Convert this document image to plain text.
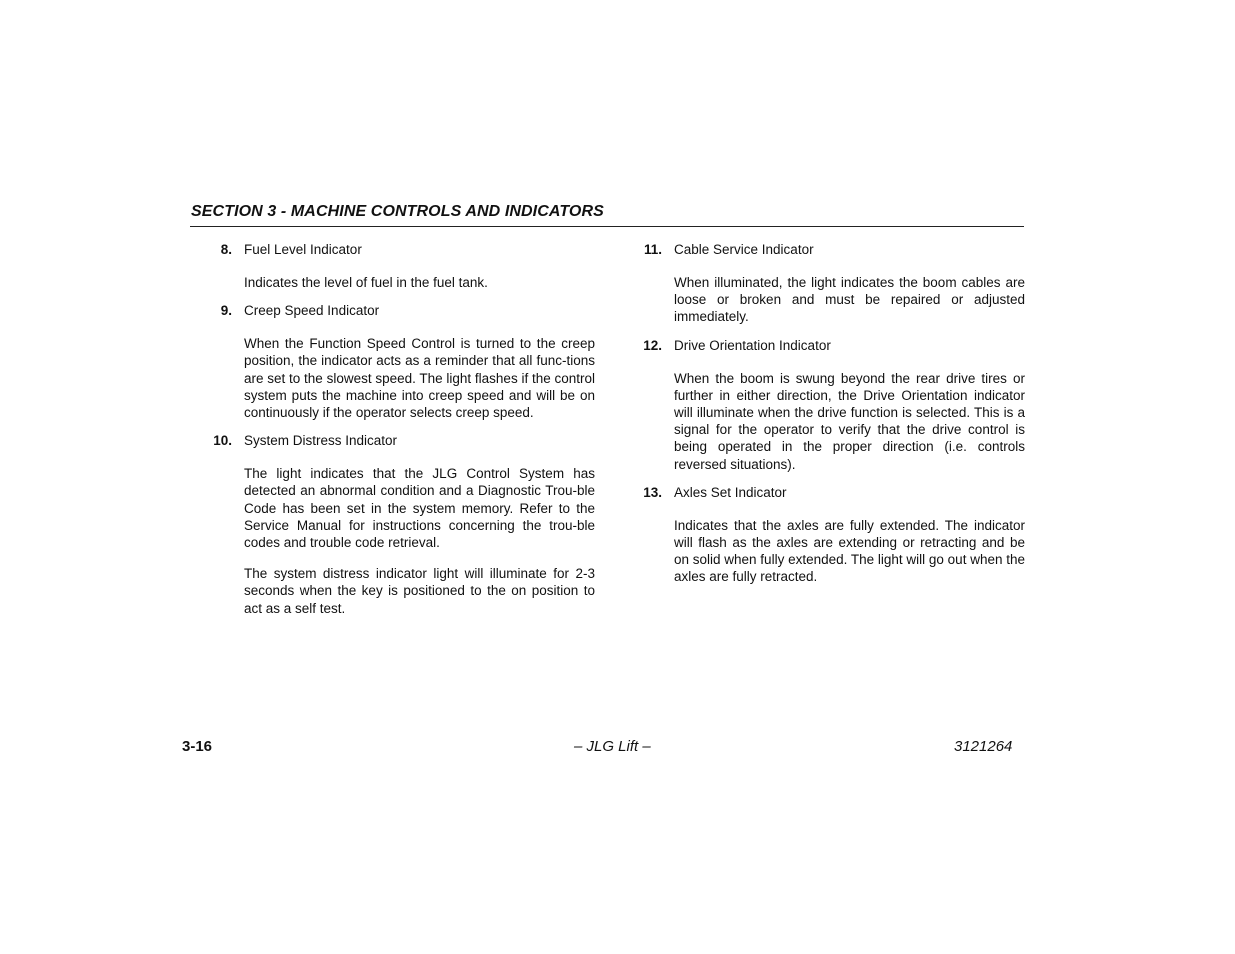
SECTION 3 - MACHINE CONTROLS AND INDICATORS
8. Fuel Level Indicator

Indicates the level of fuel in the fuel tank.

9. Creep Speed Indicator

When the Function Speed Control is turned to the creep position, the indicator acts as a reminder that all func-tions are set to the slowest speed. The light flashes if the control system puts the machine into creep speed and will be on continuously if the operator selects creep speed.

10. System Distress Indicator

The light indicates that the JLG Control System has detected an abnormal condition and a Diagnostic Trou-ble Code has been set in the system memory. Refer to the Service Manual for instructions concerning the trou-ble codes and trouble code retrieval.

The system distress indicator light will illuminate for 2-3 seconds when the key is positioned to the on position to act as a self test.

11. Cable Service Indicator

When illuminated, the light indicates the boom cables are loose or broken and must be repaired or adjusted immediately.

12. Drive Orientation Indicator

When the boom is swung beyond the rear drive tires or further in either direction, the Drive Orientation indicator will illuminate when the drive function is selected. This is a signal for the operator to verify that the drive control is being operated in the proper direction (i.e. controls reversed situations).

13. Axles Set Indicator

Indicates that the axles are fully extended. The indicator will flash as the axles are extending or retracting and be on solid when fully extended. The light will go out when the axles are fully retracted.

3-16	– JLG Lift –	3121264
